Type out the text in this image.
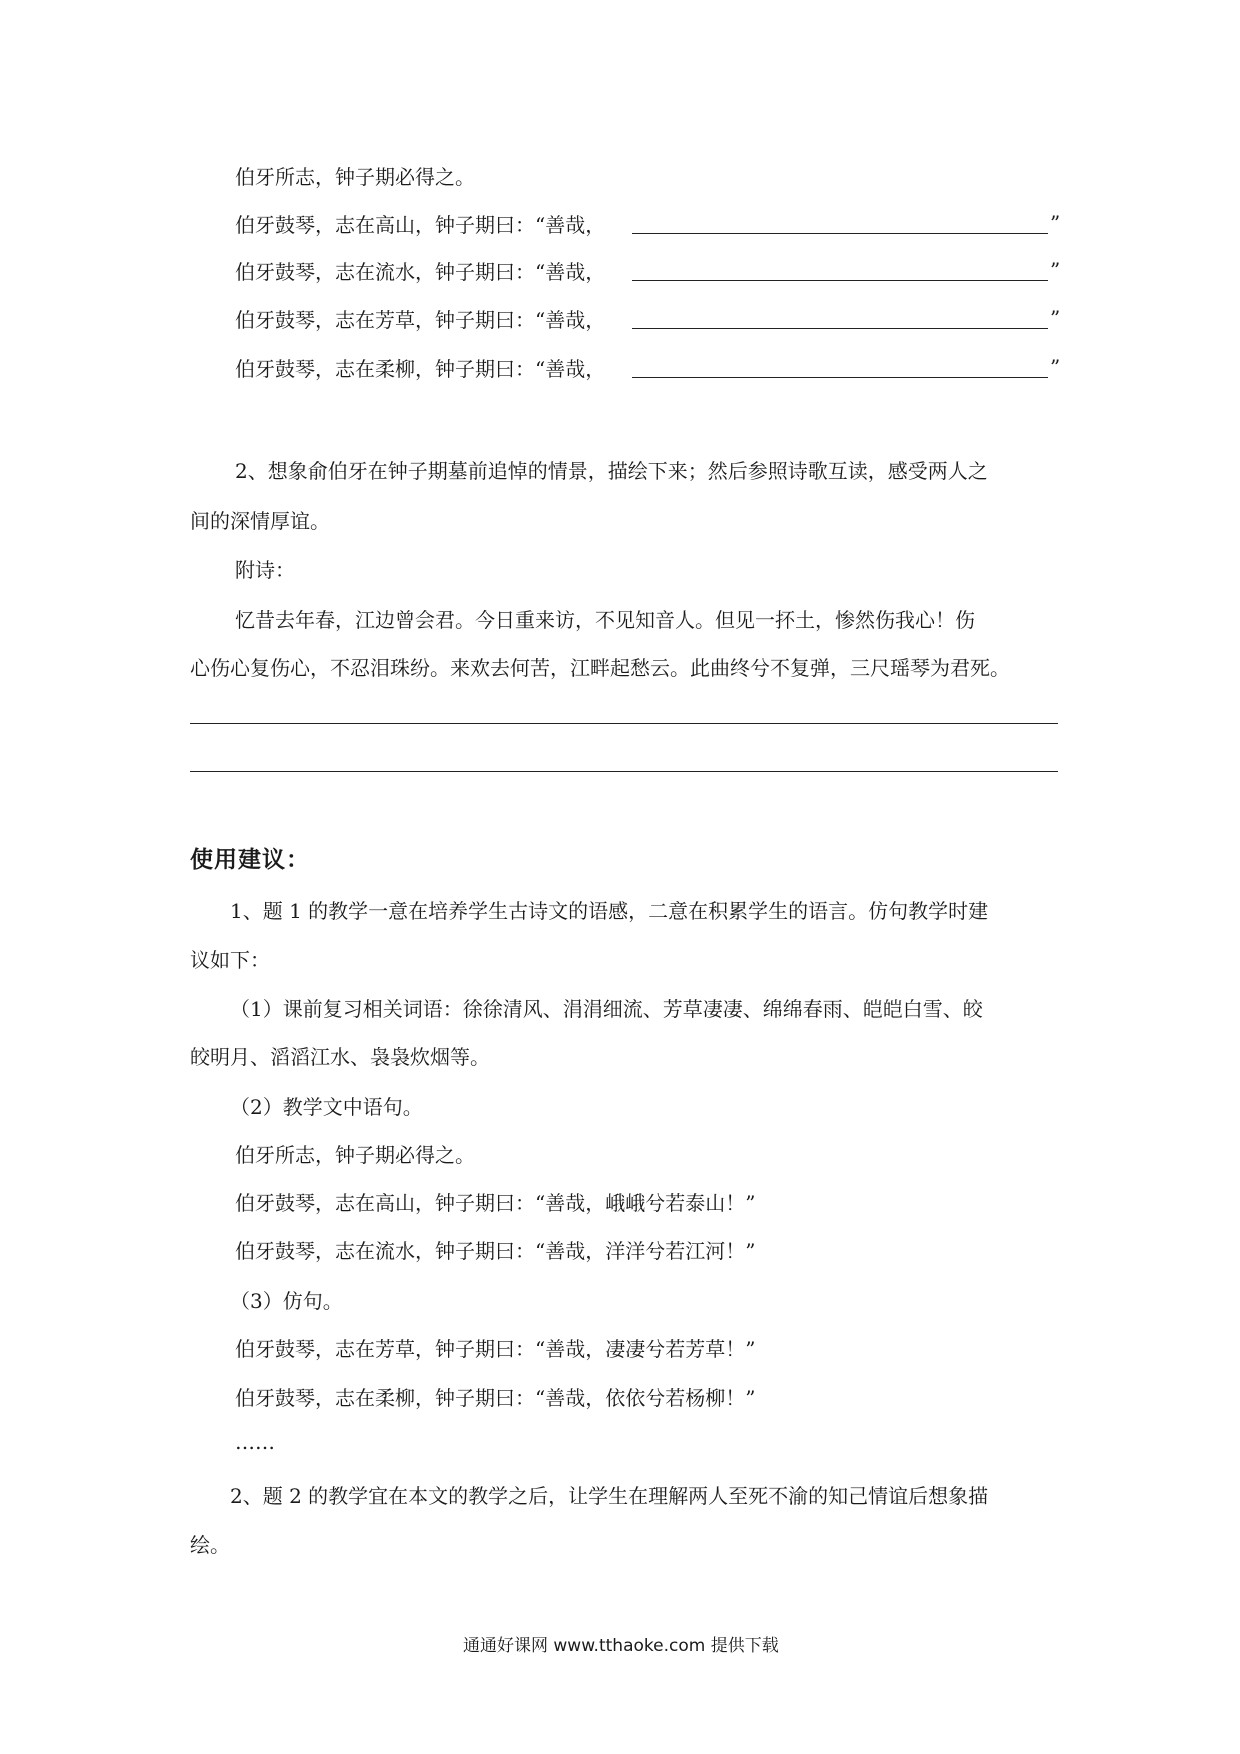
伯牙所志，钟子期必得之。
伯牙鼓琴，志在高山，钟子期曰：“善哉，	”
伯牙鼓琴，志在流水，钟子期曰：“善哉，	”
伯牙鼓琴，志在芳草，钟子期曰：“善哉，	”
伯牙鼓琴，志在柔柳，钟子期曰：“善哉，	”
2、想象俞伯牙在钟子期墓前追悼的情景，描绘下来；然后参照诗歌互读，感受两人之
间的深情厚谊。
附诗：
忆昔去年春，江边曾会君。今日重来访，不见知音人。但见一抔土，惨然伤我心！伤
心伤心复伤心，不忍泪珠纷。来欢去何苦，江畔起愁云。此曲终兮不复弹，三尺瑶琴为君死。
使用建议：
1、题 1 的教学一意在培养学生古诗文的语感，二意在积累学生的语言。仿句教学时建
议如下：
（1）课前复习相关词语：徐徐清风、涓涓细流、芳草凄凄、绵绵春雨、皑皑白雪、皎
皎明月、滔滔江水、袅袅炊烟等。
（2）教学文中语句。
伯牙所志，钟子期必得之。
伯牙鼓琴，志在高山，钟子期曰：“善哉，峨峨兮若泰山！”
伯牙鼓琴，志在流水，钟子期曰：“善哉，洋洋兮若江河！”
（3）仿句。
伯牙鼓琴，志在芳草，钟子期曰：“善哉，凄凄兮若芳草！”
伯牙鼓琴，志在柔柳，钟子期曰：“善哉，依依兮若杨柳！”
……
2、题 2 的教学宜在本文的教学之后，让学生在理解两人至死不渝的知己情谊后想象描
绘。
通通好课网 www.tthaoke.com 提供下载
